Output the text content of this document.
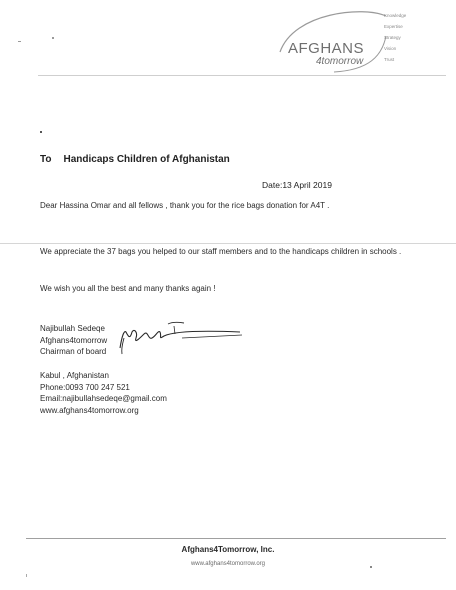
AFGHANS
4tomorrow
Knowledge
Expertise
Strategy
Vision
Trust
To Handicaps Children of Afghanistan
Date:13 April 2019
Dear Hassina Omar and all fellows , thank you for the rice bags donation for A4T .
We appreciate the 37 bags you helped to our staff members and to the handicaps children in schools .
We wish you all the best and many thanks again !
Najibullah Sedeqe
Afghans4tomorrow
Chairman of board
Kabul , Afghanistan
Phone:0093 700 247 521
Email:najibullahsedeqe@gmail.com
www.afghans4tomorrow.org
Afghans4Tomorrow, Inc.
www.afghans4tomorrow.org
